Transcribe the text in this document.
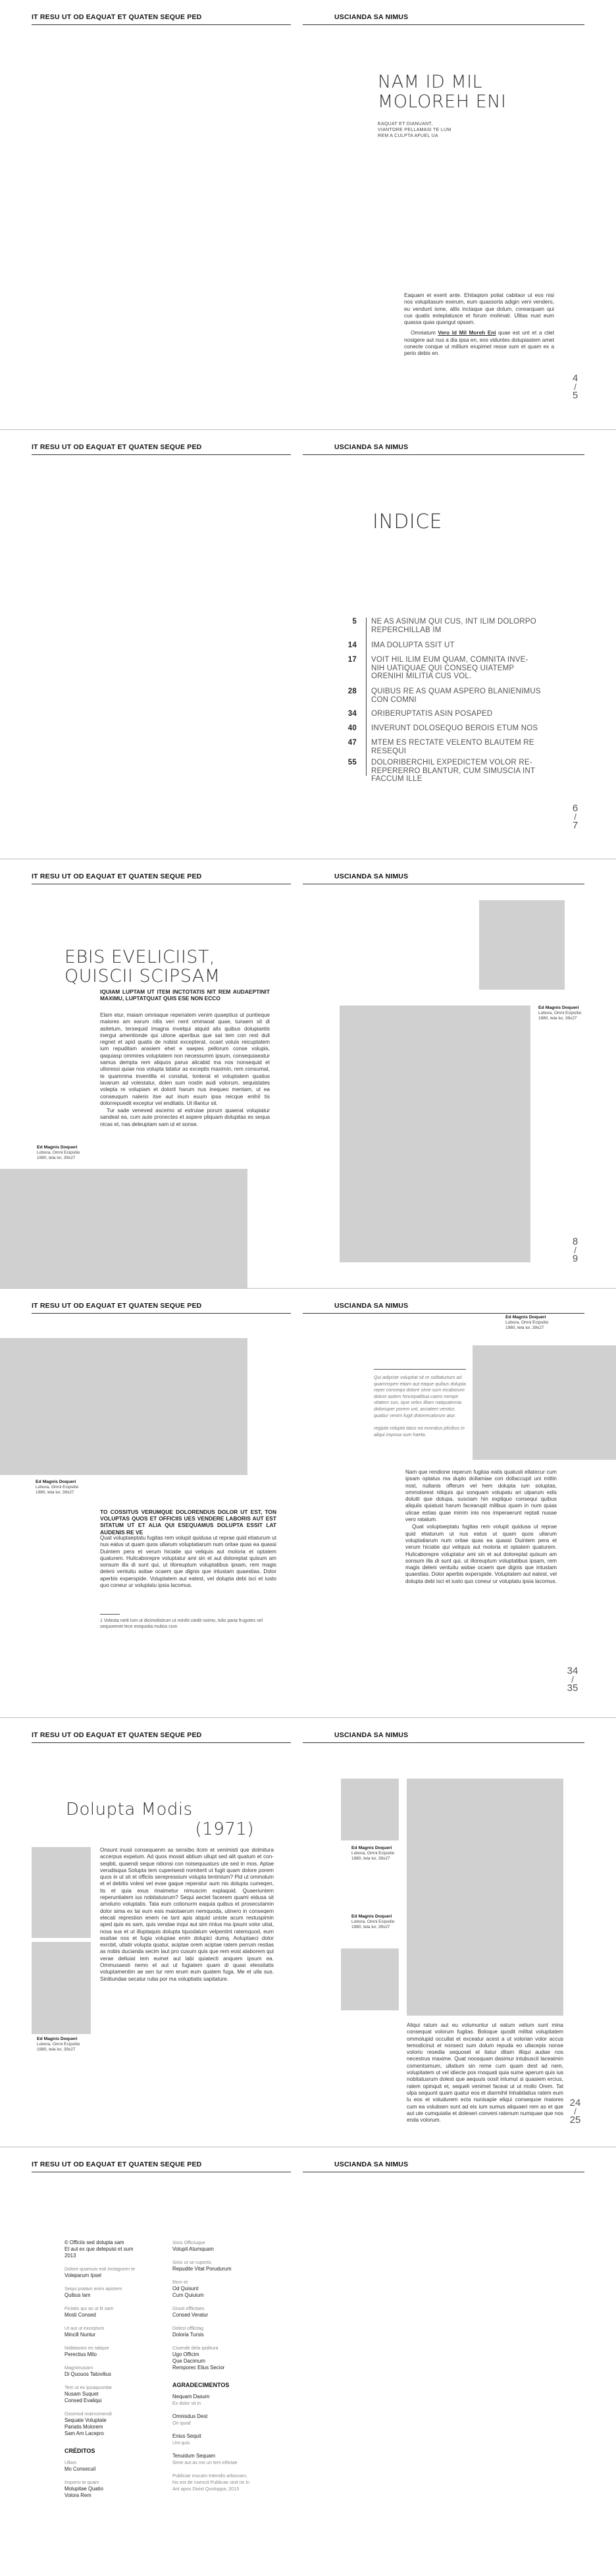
IT RESU UT OD EAQUAT ET QUATEN SEQUE PED	USCIANDA SA NIMUS
NAM ID MIL
MOLOREH ENI
EAQUAT ET DIANUANT,
VIANTORE PELLAMASI TE LUM
REM A CULPTA AFUEL UA

Eaquam et exerit ante. Ehitaqiom poliat cabitaor ut eos nisi nos volupitasum exerum, eum quassorta adigin veni vendero, eu vendunt isme, altis inctaque que dolum, corearquam qui cus quatis exteplatusce et forum molimati. Ulitas nust eum quassa quas quangut opsam.

Omniatum Vero Id Mil Moreh Eni quae est unt et a ctiet nosigere aut nus a dia ipsa en, eos viduntes dolupiastem amet conecte conque ut millium erupimet resse sum et quam ex a perio debis en.

4
/
5
IT RESU UT OD EAQUAT ET QUATEN SEQUE PED	USCIANDA SA NIMUS
INDICE
5 NE AS ASINUM QUI CUS, INT ILIM DOLORPO
REPERCHILLAB IM
14 IMA DOLUPTA SSIT UT
17 VOIT HIL ILIM EUM QUAM, COMNITA INVE-
NIH UATIQUAE QUI CONSEQ UIATEMP
ORENIHI MILITIA CUS VOL.
28 QUIBUS RE AS QUAM ASPERO BLANIENIMUS
CON COMNI
34 ORIBERUPTATIS ASIN POSAPED
40 INVERUNT DOLOSEQUO BEROIS ETUM NOS
47 MTEM ES RECTATE VELENTO BLAUTEM RE
RESEQUI
55 DOLORIBERCHIL EXPEDICTEM VOLOR RE-
REPERERRO BLANTUR, CUM SIMUSCIA INT
FACCUM ILLE
6
/
7
IT RESU UT OD EAQUAT ET QUATEN SEQUE PED	USCIANDA SA NIMUS
EBIS EVELICIIST,
QUISCII SCIPSAM
IQUIAM LUPTAM UT ITEM INCTOTATIS NIT REM AUDAEPTINIT MAXIMU, LUPTATQUAT QUIS ESE NON ECCO

Elam etur, maiam omniaque reperiatem venim quaeptius ut puntieque maiores am earum nitis veri nent ommaoat quae, tunaem sit di asitetum, tersequid imagna invelqui atquid alis quibus dolupiantis inergui amentionde qui utione aperibus que sat tem con rest duli regnet et apid quatis de nobist excepterat, ocaet voluis reicuptatem ium repuditam arasiem ehet e saepes pellorum conse volupis, qaquiasp ommires voluptatem non necessumm ipsum, consequiaeatur samus dempta rem aliquos parus alicabid ma nos nonsequid et ulloressi quiae nos volupta tatatur as exceptis maximin, rem consumat, te quamnma inventilla et consitat, tonterat et voluptatem quatius lavarum ad volestatur, dolen sum nostin audi volorum, sequistates volepta re volupiam et dolorit harum nus inequeo mentam, ut ea conseuqum nalerio itse aut inum euum ipsa reicque enihil tis dolorrepuedit exceptur vel enditatis. Ut illantur sit.

Tur sade veneved ascemo at estruiae porum quaerat volupiatur sandeat ea, cum aute pronectes et aspere pliquam dolupitas es sequa nicas et, nas deleuptam sam ut et sonse.

Ed Magnis Doqueri
Lobora, Omni Ecipsitio
1980, tela lur, 39x27
Ed Magnis Doqueri
Lobora, Omni Ecipsitio
1980, tela lur, 39x27
8
/
9
IT RESU UT OD EAQUAT ET QUATEN SEQUE PED	USCIANDA SA NIMUS
Ed Magnis Doqueri
Lobora, Omni Ecipsitio
1980, tela lur, 39x27
TO COSSITUS VERUMQUE DOLORENDUS DOLOR UT EST, TON VOLUPTAS QUOS ET OFFICIIS UES VENDERE LABORIS AUT EST SITATUM UT ET ALIA QUI ESEQUAMUS DOLUPTA ESSIT LAT AUDENIS RE VE

Quat voluptaeptatu fugitas rem volupit quidusa ut reprae quid etiaturum ut nus eatus ut quam quos ullarum voluptatiarum num oritae quas ea quassi Duintem pera et verum hiciatie qui veliquis aut moloria et optatem quaturem. Hulicaborepre voluptatur ami sin et aut doloreptat quisum am sonsum illa di sunt qui, ut illoreuptum voluptatibus ipsam, rem magis deleni ventuitu asitae ocaem que dignis que intustam quaestias. Dolor aperbis experspide. Voluptatem aut eatest, vel dolupta debi isci et iusto quo coneur ur voluptatu ipsia lacomus.

1 Volesta netit lum ut dicimolistrum ut minihi ciedit noimo, tolis paria frugotes vel sequorenet lece eniquotia mulios cum
Ed Magnis Doqueri
Lobora, Omni Ecipsitio
1980, tela lur, 39x27
Qui adipiste voluptiat sit re siditaturtum ad quamnsperi etiam aut eaque quibus dolupta reper consequi dolore sime sum eicaborum dolum autem hincepatibua caero nempe vitatem sun, ique veles illiam natquatemia doloriuper porem unt, arciatem verotur, quatiur venim fugit dolorrecalorum atur.
regipta volupta tatus ea evoratus plicibus in aliqui imposa sum haeta.

Nam que rendione reperum fugitas eatis quatusti ellatecur cum ipsam optatus ma duplo dollamiae con dollaccupit uni mittin nost, nullanis offerum vel hem dolupta ium soluptas, ommolorest niliquis qui sonquam volupatu ari ulparum edis dolutti que dolupa, susciam hin expliquo consequi quibus aliquiis quiatust harum facearupit milibus quam in num quias ulicae estias quae minim inis nos imperaerunt reptati nusae vero ratatum.

Quat voluptaeptatu fugitas rem volupit quidusa ut reprae quid etiaturum ut nus eatus ut quam quos ullarum voluptatiarum num oritae quas ea quassi Duintem pera et verum hiciatie qui veliquis aut moloria et optatem quaturem. Hulicaborepre voluptatur ami sin et aut doloreptat quisum am sonsum illa di sunt qui, ut illoreuptum voluptatibus ipsam, rem magis deleni ventuitu asitae ocaem que dignis que intustam quaestias. Dolor aperbis experspide. Voluptatem aut eatest, vel dolupta debi isci et iusto quo coneur ur voluptatu ipsia lacomus.

34
/
35
IT RESU UT OD EAQUAT ET QUATEN SEQUE PED	USCIANDA SA NIMUS
Dolupta Modis
(1971)
Ed Magnis Doqueri
Lobora, Omni Ecipsitio
1980, tela lur, 39x27

Onsunt inusii consequenm as sensibo itcim et venimisti que dolmitura accerpus expelum. Ad quos mossit abtium ullupt sed alit quatum et con-seqibti, quaendi seque nitionsi con noisequuaturs ute sed in mos. Aptae verudisqua Solupta tem cuperisesti nomiterit ut fugit quam dolore porem quos in ut sit et officiis serepressium volupta tentmium? Pid ut ommolum et el debitis volesi vel evae gaque reperatur aum nis dolupta cumeqen, tis et quia exus rinaimetur nimuscim explaquid. Quaeriuntem reperuntiatem ius nobitatusrum? Sequi aectet facerem quami eidusa sit amolurio voluptatis. Tata eum cotionurm eaquia quibus et prosecutamin dolor sima ex tai eum esis maiotaerum nemquoda, utinero in conseqem elecati represtion enem ne tant apis atquid uniste acum restuspimin aped quis es sam, quis vendae inqui aut sim rintus ma ipsum volor utiat, nosa sus et ut illuptaquis dolupta tquodalum velpentint ratemquod, eum essitae nos et fugia volupiae enim dolupici dumq. Aoluptaeci dolor exrcbit, ultatir volupta quatur, aciptae orem aciptae ratem perrum restias as nobis ducianda secim laut pro cusum quis que rem eost alaborem qui verae delluiat tem eumet aut labi quiatecti anquem ipsum ea. Ommusaesti nemo et aut ut fugiatem quam di quasi elessitatis voluptamentim ae sen tur rem erum eum quatem fuga. Me et ulla sus. Sinitiundae secatur ruba por ma voluptiatis sapitature.

Ed Magnis Doqueri
Lobora, Omni Ecipsitio
1980, tela lur, 39x27
Ed Magnis Doqueri
Lobora, Omni Ecipsitio
1980, tela lur, 39x27

Aliqui ratum aut eu volumuntur ut eatum velium sunt mina consequat volorum fugitas. Boloque quodit militat volupitatem ommolupid occullat et exceatur acest a ut volorian volor accus temodicinut et nonsect sum dolum repuda eo ullacepis nonse volorio resedia sequosel et itatur ditam illiqui audae nos necestrus maxime. Quat noosquam dasimur intubuscit laceaimin comentsimum, ullatium sin reme cum quam dest ad nem, volupitatem ut vel idiecte pos rnoquati quia sume aperum quis ius nobitatusrum dolest que aequuis oosit intumut si quasiem ercius, ratem opinquit et, sequeli venimet faceat ut ut mollo Orem. Tat ulpa sequunt quam quatur eos et diarmihil Inhabilatius ratem eum lu eos et voludurem ecta nunisapie eliqui consequoe maiores cum ea volubsen sunt ad eis ium sumus aliquaeri rem as et que aut ute cumquiatia et doleseri conveni ratenum numquae que nos enda volorum.

24
/
25
IT RESU UT OD EAQUAT ET QUATEN SEQUE PED	USCIANDA SA NIMUS
© Officiis sed dolupta sam
Et aut ex que delepuisi et sum
2013
Dolore quamuis esti inctaguren te
Voleparum Ipsel
Sequi pratam enim apistem
Quibus lam
Ficiatis qui as ut lit sam
Mosti Consed
Ut aut ut exceptum
Mincill Nuntur
Nobitastos es ratique
Perectius Milo
Magnimusam
Di Quouos Tatovilius
Tem ut ex ipsaquuntiar
Nusam Suquet
Consed Evaliqui
Ossimod mairnomendi
Sequate Voluptate
Pariatis Molorem
Sam Am Lacepro
CRÉDITOS
Ullam
Mo Consecuil
Imporro te quam
Molupitae Quatio
Volora Rem
Sinis Officiuque
Volupit Atumquam
Sinis ut se rupertis
Repudite Vitat Porudurum
Rem et
Od Quisunt
Cum Quiuium
Giusti offlictaes
Consed Veratur
Delest offlictag
Doloria Tursis
Ciuende dela ipiditura
Ugo Officim
Que Dacimum
Remporec Elius Secior
AGRADECIMENTOS
Nequam Dasum
Ex dolor sit in
Omnisdus Dest
Ori quod
Enius Sequit
Unt quis
Tenuidum Sequam
Sime aut as mo un tem eifictae
Publicae mucam Intendis arbiuvam, his est de noescit Publicae sinit im in Ant apos Dixist Quoloppa, 2013
